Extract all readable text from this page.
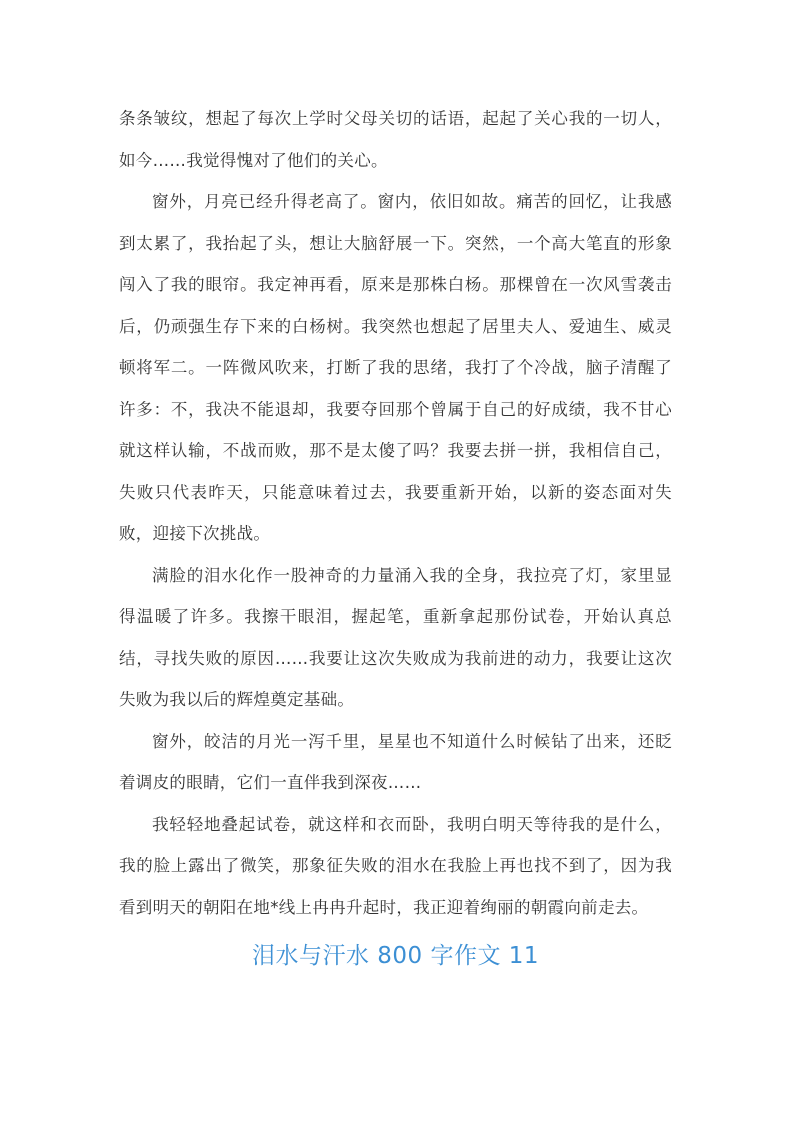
条条皱纹，想起了每次上学时父母关切的话语，起起了关心我的一切人，如今……我觉得愧对了他们的关心。

窗外，月亮已经升得老高了。窗内，依旧如故。痛苦的回忆，让我感到太累了，我抬起了头，想让大脑舒展一下。突然，一个高大笔直的形象闯入了我的眼帘。我定神再看，原来是那株白杨。那棵曾在一次风雪袭击后，仍顽强生存下来的白杨树。我突然也想起了居里夫人、爱迪生、威灵顿将军二。一阵微风吹来，打断了我的思绪，我打了个冷战，脑子清醒了许多：不，我决不能退却，我要夺回那个曾属于自己的好成绩，我不甘心就这样认输，不战而败，那不是太傻了吗？我要去拼一拼，我相信自己，失败只代表昨天，只能意味着过去，我要重新开始，以新的姿态面对失败，迎接下次挑战。

满脸的泪水化作一股神奇的力量涌入我的全身，我拉亮了灯，家里显得温暖了许多。我擦干眼泪，握起笔，重新拿起那份试卷，开始认真总结，寻找失败的原因……我要让这次失败成为我前进的动力，我要让这次失败为我以后的辉煌奠定基础。

窗外，皎洁的月光一泻千里，星星也不知道什么时候钻了出来，还眨着调皮的眼睛，它们一直伴我到深夜……

我轻轻地叠起试卷，就这样和衣而卧，我明白明天等待我的是什么，我的脸上露出了微笑，那象征失败的泪水在我脸上再也找不到了，因为我看到明天的朝阳在地*线上冉冉升起时，我正迎着绚丽的朝霞向前走去。

泪水与汗水 800 字作文 11
